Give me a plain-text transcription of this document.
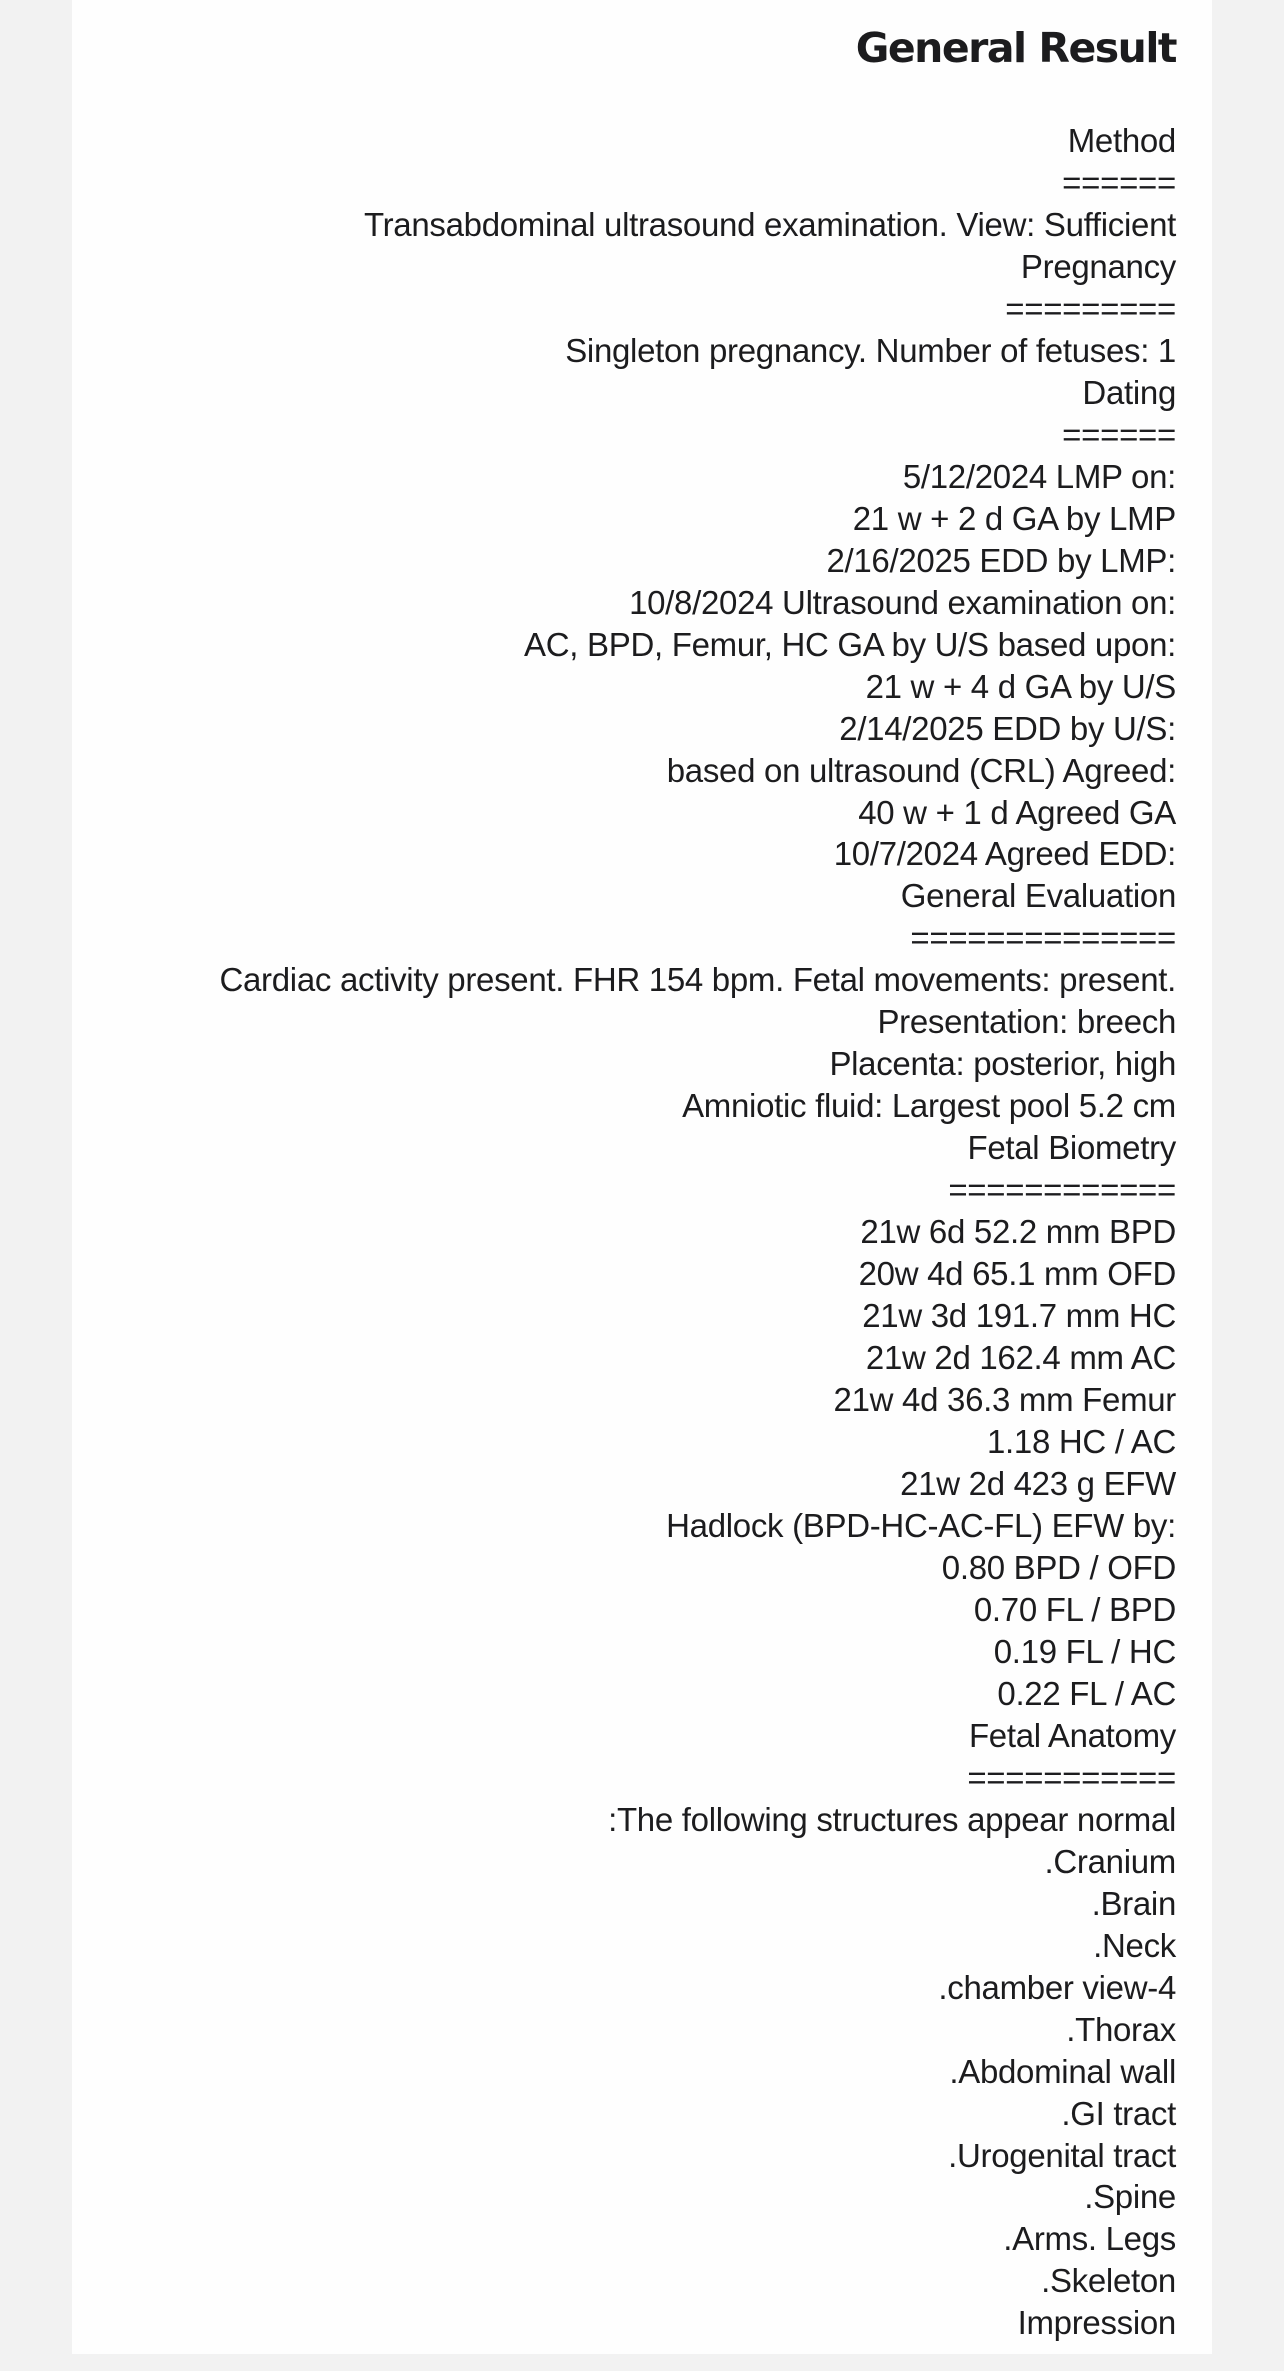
General Result
Method
======
Transabdominal ultrasound examination. View: Sufficient
Pregnancy
=========
Singleton pregnancy. Number of fetuses: 1
Dating
======
5/12/2024 LMP on:
21 w + 2 d GA by LMP
2/16/2025 EDD by LMP:
10/8/2024 Ultrasound examination on:
AC, BPD, Femur, HC GA by U/S based upon:
21 w + 4 d GA by U/S
2/14/2025 EDD by U/S:
based on ultrasound (CRL) Agreed:
40 w + 1 d Agreed GA
10/7/2024 Agreed EDD:
General Evaluation
==============
Cardiac activity present. FHR 154 bpm. Fetal movements: present.
Presentation: breech
Placenta: posterior, high
Amniotic fluid: Largest pool 5.2 cm
Fetal Biometry
============
21w 6d 52.2 mm BPD
20w 4d 65.1 mm OFD
21w 3d 191.7 mm HC
21w 2d 162.4 mm AC
21w 4d 36.3 mm Femur
1.18 HC / AC
21w 2d 423 g EFW
Hadlock (BPD-HC-AC-FL) EFW by:
0.80 BPD / OFD
0.70 FL / BPD
0.19 FL / HC
0.22 FL / AC
Fetal Anatomy
===========
:The following structures appear normal
.Cranium
.Brain
.Neck
.chamber view-4
.Thorax
.Abdominal wall
.GI tract
.Urogenital tract
.Spine
.Arms. Legs
.Skeleton
Impression
